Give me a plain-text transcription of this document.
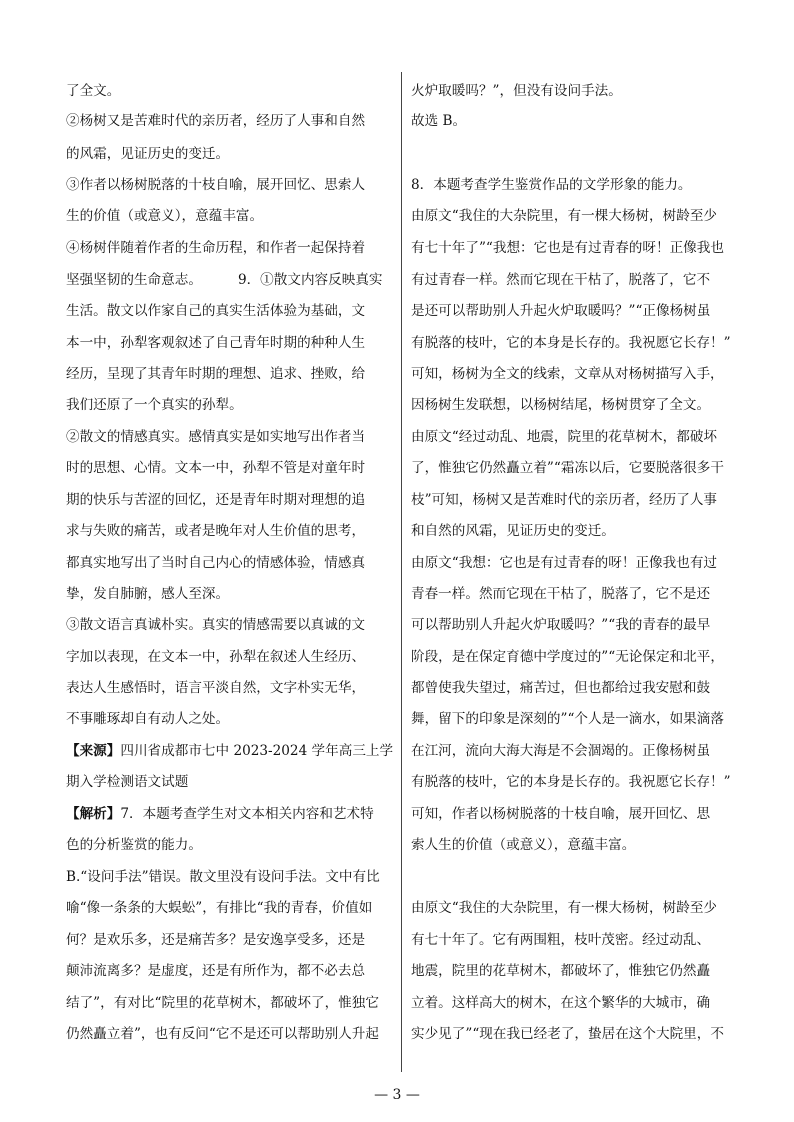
了全文。
②杨树又是苦难时代的亲历者，经历了人事和自然
的风霜，见证历史的变迁。
③作者以杨树脱落的十枝自喻，展开回忆、思索人
生的价值（或意义），意蕴丰富。
④杨树伴随着作者的生命历程，和作者一起保持着
坚强坚韧的生命意志。	9．①散文内容反映真实
生活。散文以作家自己的真实生活体验为基础，文
本一中，孙犁客观叙述了自己青年时期的种种人生
经历，呈现了其青年时期的理想、追求、挫败，给
我们还原了一个真实的孙犁。
②散文的情感真实。感情真实是如实地写出作者当
时的思想、心情。文本一中，孙犁不管是对童年时
期的快乐与苦涩的回忆，还是青年时期对理想的追
求与失败的痛苦，或者是晚年对人生价值的思考，
都真实地写出了当时自己内心的情感体验，情感真
挚，发自肺腑，感人至深。
③散文语言真诚朴实。真实的情感需要以真诚的文
字加以表现，在文本一中，孙犁在叙述人生经历、
表达人生感悟时，语言平淡自然，文字朴实无华，
不事雕琢却自有动人之处。
【来源】四川省成都市七中 2023-2024 学年高三上学
期入学检测语文试题
【解析】7．本题考查学生对文本相关内容和艺术特
色的分析鉴赏的能力。
B.“设问手法”错误。散文里没有设问手法。文中有比
喻“像一条条的大蜈蚣”，有排比“我的青春，价值如
何？是欢乐多，还是痛苦多？是安逸享受多，还是
颠沛流离多？是虚度，还是有所作为，都不必去总
结了”，有对比“院里的花草树木，都破坏了，惟独它
仍然矗立着”，也有反问“它不是还可以帮助别人升起
火炉取暖吗？”，但没有设问手法。
故选 B。
8．本题考查学生鉴赏作品的文学形象的能力。
由原文“我住的大杂院里，有一棵大杨树，树龄至少
有七十年了”“我想：它也是有过青春的呀！正像我也
有过青春一样。然而它现在干枯了，脱落了，它不
是还可以帮助别人升起火炉取暖吗？”“正像杨树虽
有脱落的枝叶，它的本身是长存的。我祝愿它长存！”
可知，杨树为全文的线索，文章从对杨树描写入手，
因杨树生发联想，以杨树结尾，杨树贯穿了全文。
由原文“经过动乱、地震，院里的花草树木，都破坏
了，惟独它仍然矗立着”“霜冻以后，它要脱落很多干
枝”可知，杨树又是苦难时代的亲历者，经历了人事
和自然的风霜，见证历史的变迁。
由原文“我想：它也是有过青春的呀！正像我也有过
青春一样。然而它现在干枯了，脱落了，它不是还
可以帮助别人升起火炉取暖吗？”“我的青春的最早
阶段，是在保定育德中学度过的”“无论保定和北平，
都曾使我失望过，痛苦过，但也都给过我安慰和鼓
舞，留下的印象是深刻的”“个人是一滴水，如果滴落
在江河，流向大海大海是不会涸竭的。正像杨树虽
有脱落的枝叶，它的本身是长存的。我祝愿它长存！”
可知，作者以杨树脱落的十枝自喻，展开回忆、思
索人生的价值（或意义），意蕴丰富。
由原文“我住的大杂院里，有一棵大杨树，树龄至少
有七十年了。它有两围粗，枝叶茂密。经过动乱、
地震，院里的花草树木，都破坏了，惟独它仍然矗
立着。这样高大的树木，在这个繁华的大城市，确
实少见了”“现在我已经老了，蛰居在这个大院里，不
— 3 —
